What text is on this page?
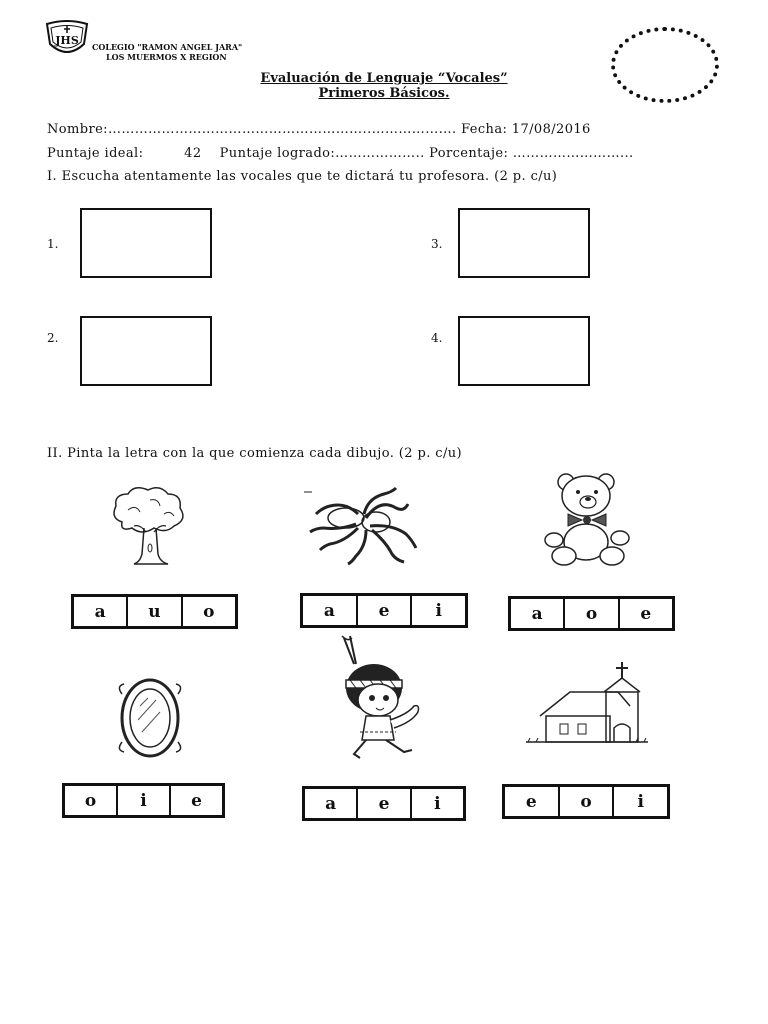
JHS COLEGIO "RAMON ANGEL JARA"
LOS MUERMOS X REGION
Evaluación de Lenguaje “Vocales”
Primeros Básicos.
Nombre:…………………………………………………..………………. Fecha: 17/08/2016
Puntaje ideal:         42    Puntaje logrado:……………….. Porcentaje: ……………………...
I. Escucha atentamente las vocales que te dictará tu profesora. (2 p. c/u)
1.
2.
3.
4.
II. Pinta la letra con la que comienza cada dibujo. (2 p. c/u)
a	u	o	a	e	i	a	o	e
o	i	e	a	e	i	e	o	i
